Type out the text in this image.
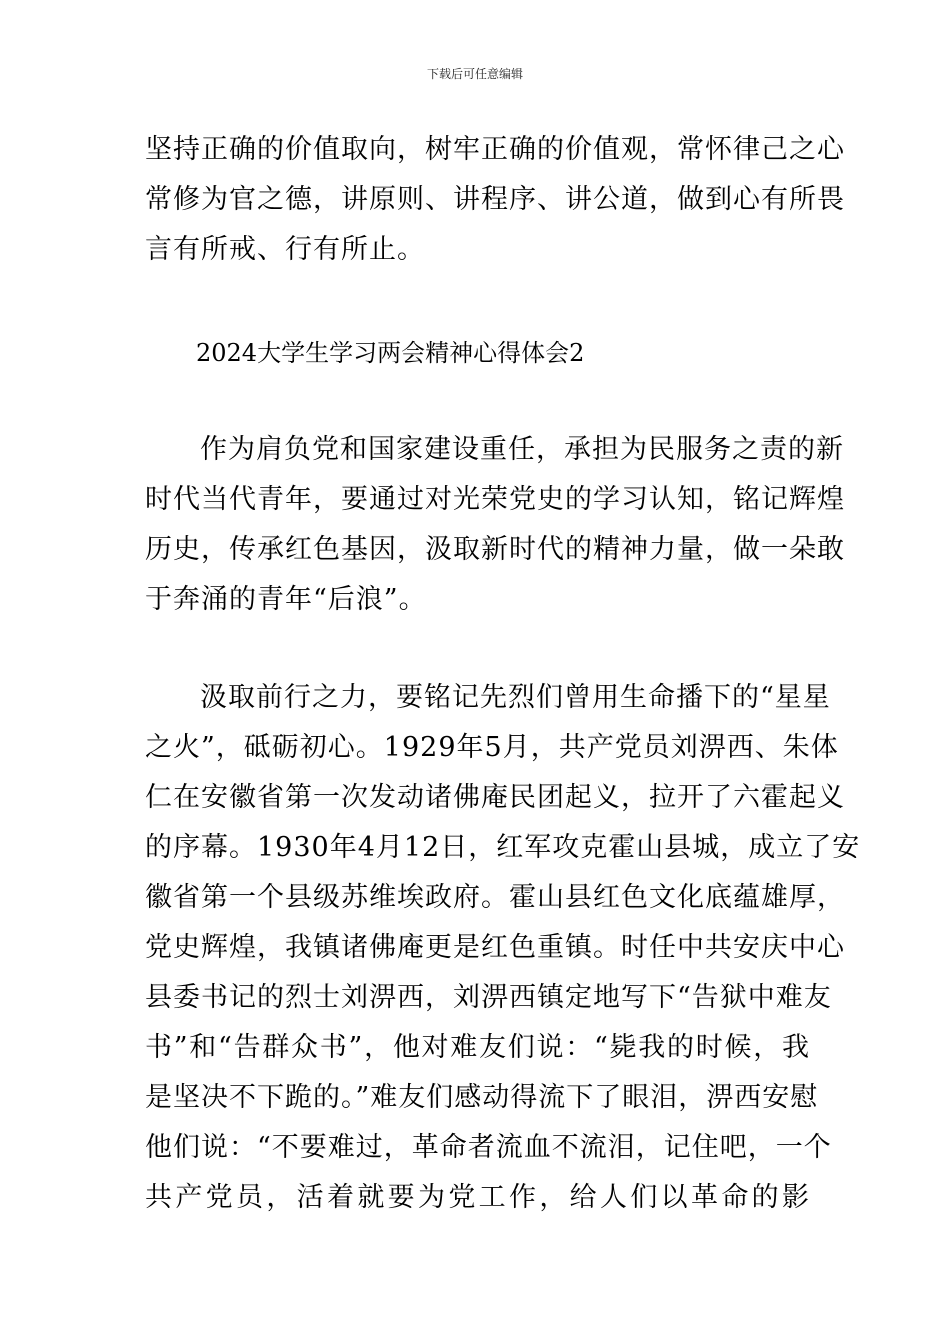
下载后可任意编辑
坚持正确的价值取向，树牢正确的价值观，常怀律己之心
常修为官之德，讲原则、讲程序、讲公道，做到心有所畏
言有所戒、行有所止。
2024大学生学习两会精神心得体会2
作为肩负党和国家建设重任，承担为民服务之责的新
时代当代青年，要通过对光荣党史的学习认知，铭记辉煌
历史，传承红色基因，汲取新时代的精神力量，做一朵敢
于奔涌的青年“后浪”。
汲取前行之力，要铭记先烈们曾用生命播下的“星星
之火”，砥砺初心。1929年5月，共产党员刘淠西、朱体
仁在安徽省第一次发动诸佛庵民团起义，拉开了六霍起义
的序幕。1930年4月12日，红军攻克霍山县城，成立了安
徽省第一个县级苏维埃政府。霍山县红色文化底蕴雄厚，
党史辉煌，我镇诸佛庵更是红色重镇。时任中共安庆中心
县委书记的烈士刘淠西，刘淠西镇定地写下“告狱中难友
书”和“告群众书”，他对难友们说：“毙我的时候，我
是坚决不下跪的。”难友们感动得流下了眼泪，淠西安慰
他们说：“不要难过，革命者流血不流泪，记住吧，一个
共产党员，活着就要为党工作，给人们以革命的影
